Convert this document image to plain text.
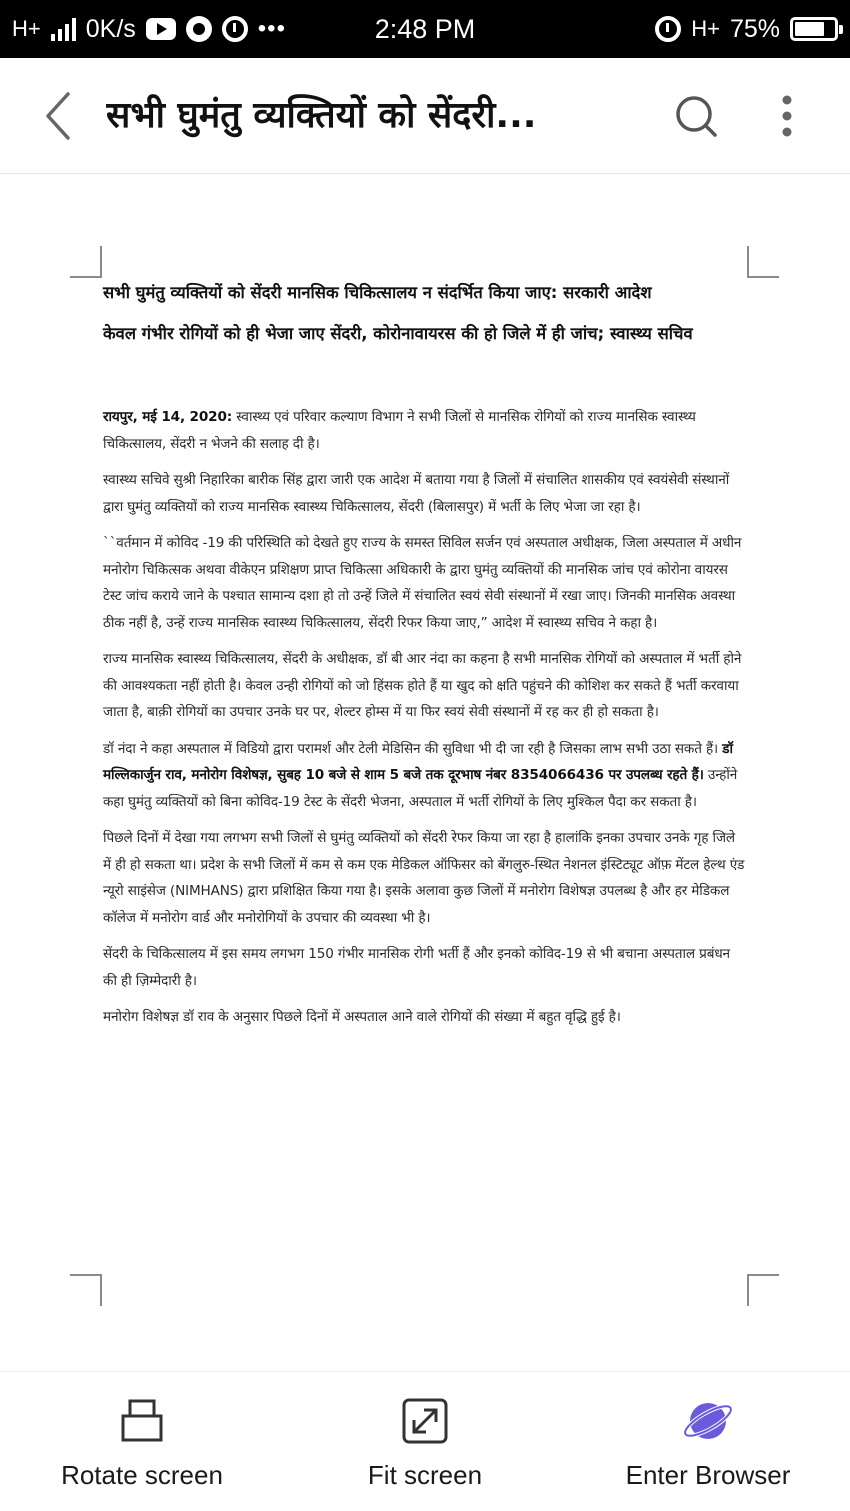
H+ 0K/s	•••	2:48 PM	H+ 75%
सभी घुमंतु व्यक्तियों को सेंदरी...
सभी घुमंतु व्यक्तियों को सेंदरी मानसिक चिकित्सालय न संदर्भित किया जाए: सरकारी आदेश
केवल गंभीर रोगियों को ही भेजा जाए सेंदरी, कोरोनावायरस की हो जिले में ही जांच; स्वास्थ्य सचिव

रायपुर, मई 14, 2020: स्वास्थ्य एवं परिवार कल्याण विभाग ने सभी जिलों से मानसिक रोगियों को राज्य मानसिक स्वास्थ्य चिकित्सालय, सेंदरी न भेजने की सलाह दी है।

स्वास्थ्य सचिवे सुश्री निहारिका बारीक सिंह द्वारा जारी एक आदेश में बताया गया है जिलों में संचालित शासकीय एवं स्वयंसेवी संस्थानों द्वारा घुमंतु व्यक्तियों को राज्य मानसिक स्वास्थ्य चिकित्सालय, सेंदरी (बिलासपुर) में भर्ती के लिए भेजा जा रहा है।

``वर्तमान में कोविद -19 की परिस्थिति को देखते हुए राज्य के समस्त सिविल सर्जन एवं अस्पताल अधीक्षक, जिला अस्पताल में अधीन मनोरोग चिकित्सक अथवा वीकेएन प्रशिक्षण प्राप्त चिकित्सा अधिकारी के द्वारा घुमंतु व्यक्तियों की मानसिक जांच एवं कोरोना वायरस टेस्ट जांच कराये जाने के पश्चात सामान्य दशा हो तो उन्हें जिले में संचालित स्वयं सेवी संस्थानों में रखा जाए। जिनकी मानसिक अवस्था ठीक नहीं है, उन्हें राज्य मानसिक स्वास्थ्य चिकित्सालय, सेंदरी रिफर किया जाए,” आदेश में स्वास्थ्य सचिव ने कहा है।

राज्य मानसिक स्वास्थ्य चिकित्सालय, सेंदरी के अधीक्षक, डॉ बी आर नंदा का कहना है सभी मानसिक रोगियों को अस्पताल में भर्ती होने की आवश्यकता नहीं होती है। केवल उन्ही रोगियों को जो हिंसक होते हैं या खुद को क्षति पहुंचने की कोशिश कर सकते हैं भर्ती करवाया जाता है, बाक़ी रोगियों का उपचार उनके घर पर, शेल्टर होम्स में या फिर स्वयं सेवी संस्थानों में रह कर ही हो सकता है।

डॉ नंदा ने कहा अस्पताल में विडियो द्वारा परामर्श और टेली मेडिसिन की सुविधा भी दी जा रही है जिसका लाभ सभी उठा सकते हैं। डॉ मल्लिकार्जुन राव, मनोरोग विशेषज्ञ, सुबह 10 बजे से शाम 5 बजे तक दूरभाष नंबर 8354066436 पर उपलब्ध रहते हैं। उन्होंने कहा घुमंतु व्यक्तियों को बिना कोविद-19 टेस्ट के सेंदरी भेजना, अस्पताल में भर्ती रोगियों के लिए मुश्किल पैदा कर सकता है।

पिछले दिनों में देखा गया लगभग सभी जिलों से घुमंतु व्यक्तियों को सेंदरी रेफर किया जा रहा है हालांकि इनका उपचार उनके गृह जिले में ही हो सकता था। प्रदेश के सभी जिलों में कम से कम एक मेडिकल ऑफिसर को बेंगलुरु-स्थित नेशनल इंस्टिट्यूट ऑफ़ मेंटल हेल्थ एंड न्यूरो साइंसेज (NIMHANS) द्वारा प्रशिक्षित किया गया है। इसके अलावा कुछ जिलों में मनोरोग विशेषज्ञ उपलब्ध है और हर मेडिकल कॉलेज में मनोरोग वार्ड और मनोरोगियों के उपचार की व्यवस्था भी है।

सेंदरी के चिकित्सालय में इस समय लगभग 150 गंभीर मानसिक रोगी भर्ती हैं और इनको कोविद-19 से भी बचाना अस्पताल प्रबंधन की ही ज़िम्मेदारी है।

मनोरोग विशेषज्ञ डॉ राव के अनुसार पिछले दिनों में अस्पताल आने वाले रोगियों की संख्या में बहुत वृद्धि हुई है।

Rotate screen	Fit screen	Enter Browser
